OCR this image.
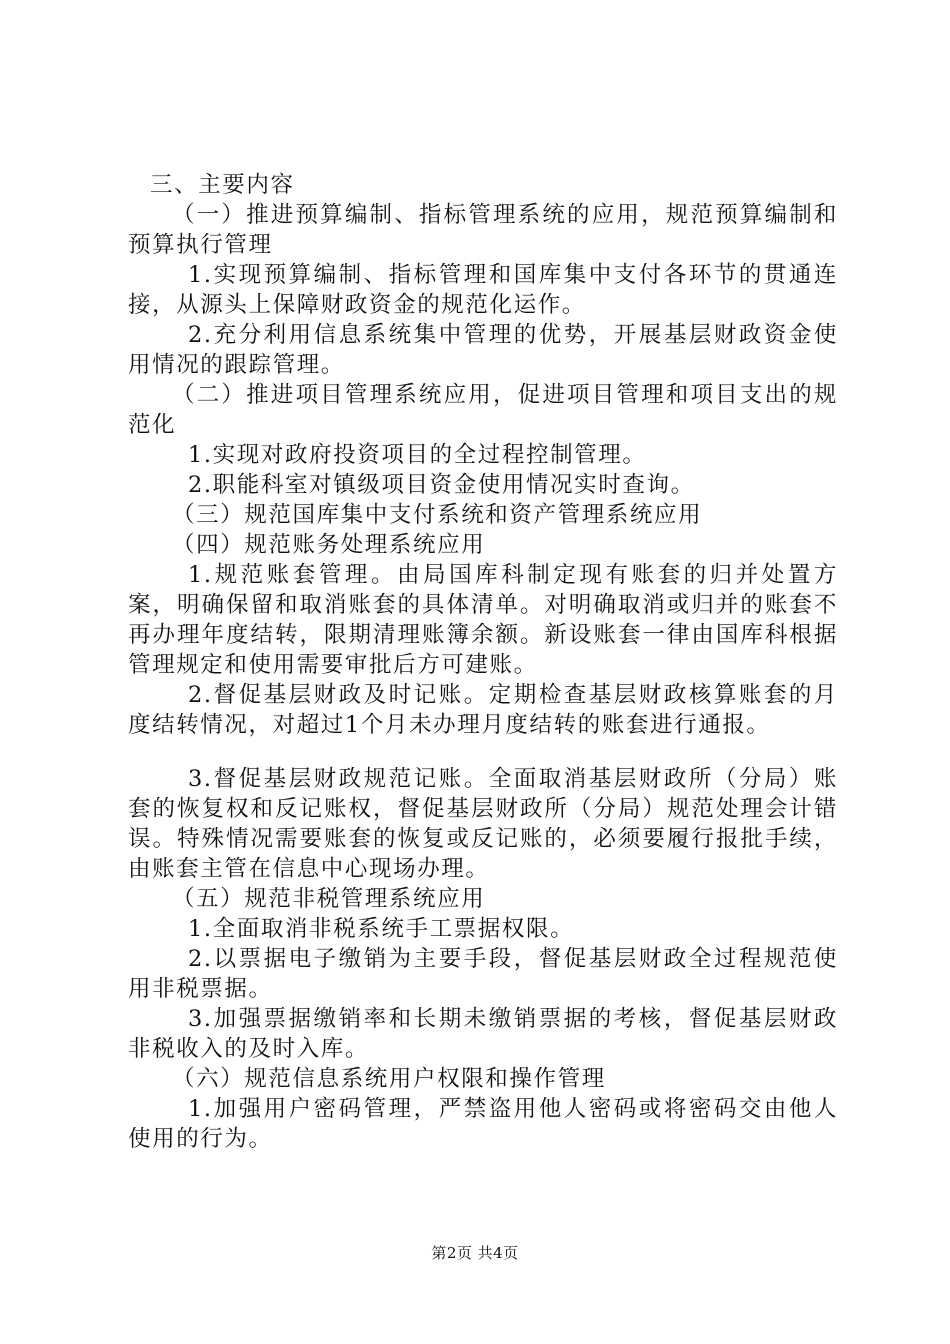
三、主要内容

（一）推进预算编制、指标管理系统的应用，规范预算编制和预算执行管理

1.实现预算编制、指标管理和国库集中支付各环节的贯通连接，从源头上保障财政资金的规范化运作。

2.充分利用信息系统集中管理的优势，开展基层财政资金使用情况的跟踪管理。

（二）推进项目管理系统应用，促进项目管理和项目支出的规范化

1.实现对政府投资项目的全过程控制管理。

2.职能科室对镇级项目资金使用情况实时查询。

（三）规范国库集中支付系统和资产管理系统应用

（四）规范账务处理系统应用

1.规范账套管理。由局国库科制定现有账套的归并处置方案，明确保留和取消账套的具体清单。对明确取消或归并的账套不再办理年度结转，限期清理账簿余额。新设账套一律由国库科根据管理规定和使用需要审批后方可建账。

2.督促基层财政及时记账。定期检查基层财政核算账套的月度结转情况，对超过1个月未办理月度结转的账套进行通报。

3.督促基层财政规范记账。全面取消基层财政所（分局）账套的恢复权和反记账权，督促基层财政所（分局）规范处理会计错误。特殊情况需要账套的恢复或反记账的，必须要履行报批手续，由账套主管在信息中心现场办理。

（五）规范非税管理系统应用

1.全面取消非税系统手工票据权限。

2.以票据电子缴销为主要手段，督促基层财政全过程规范使用非税票据。

3.加强票据缴销率和长期未缴销票据的考核，督促基层财政非税收入的及时入库。

（六）规范信息系统用户权限和操作管理

1.加强用户密码管理，严禁盗用他人密码或将密码交由他人使用的行为。

第2页 共4页
